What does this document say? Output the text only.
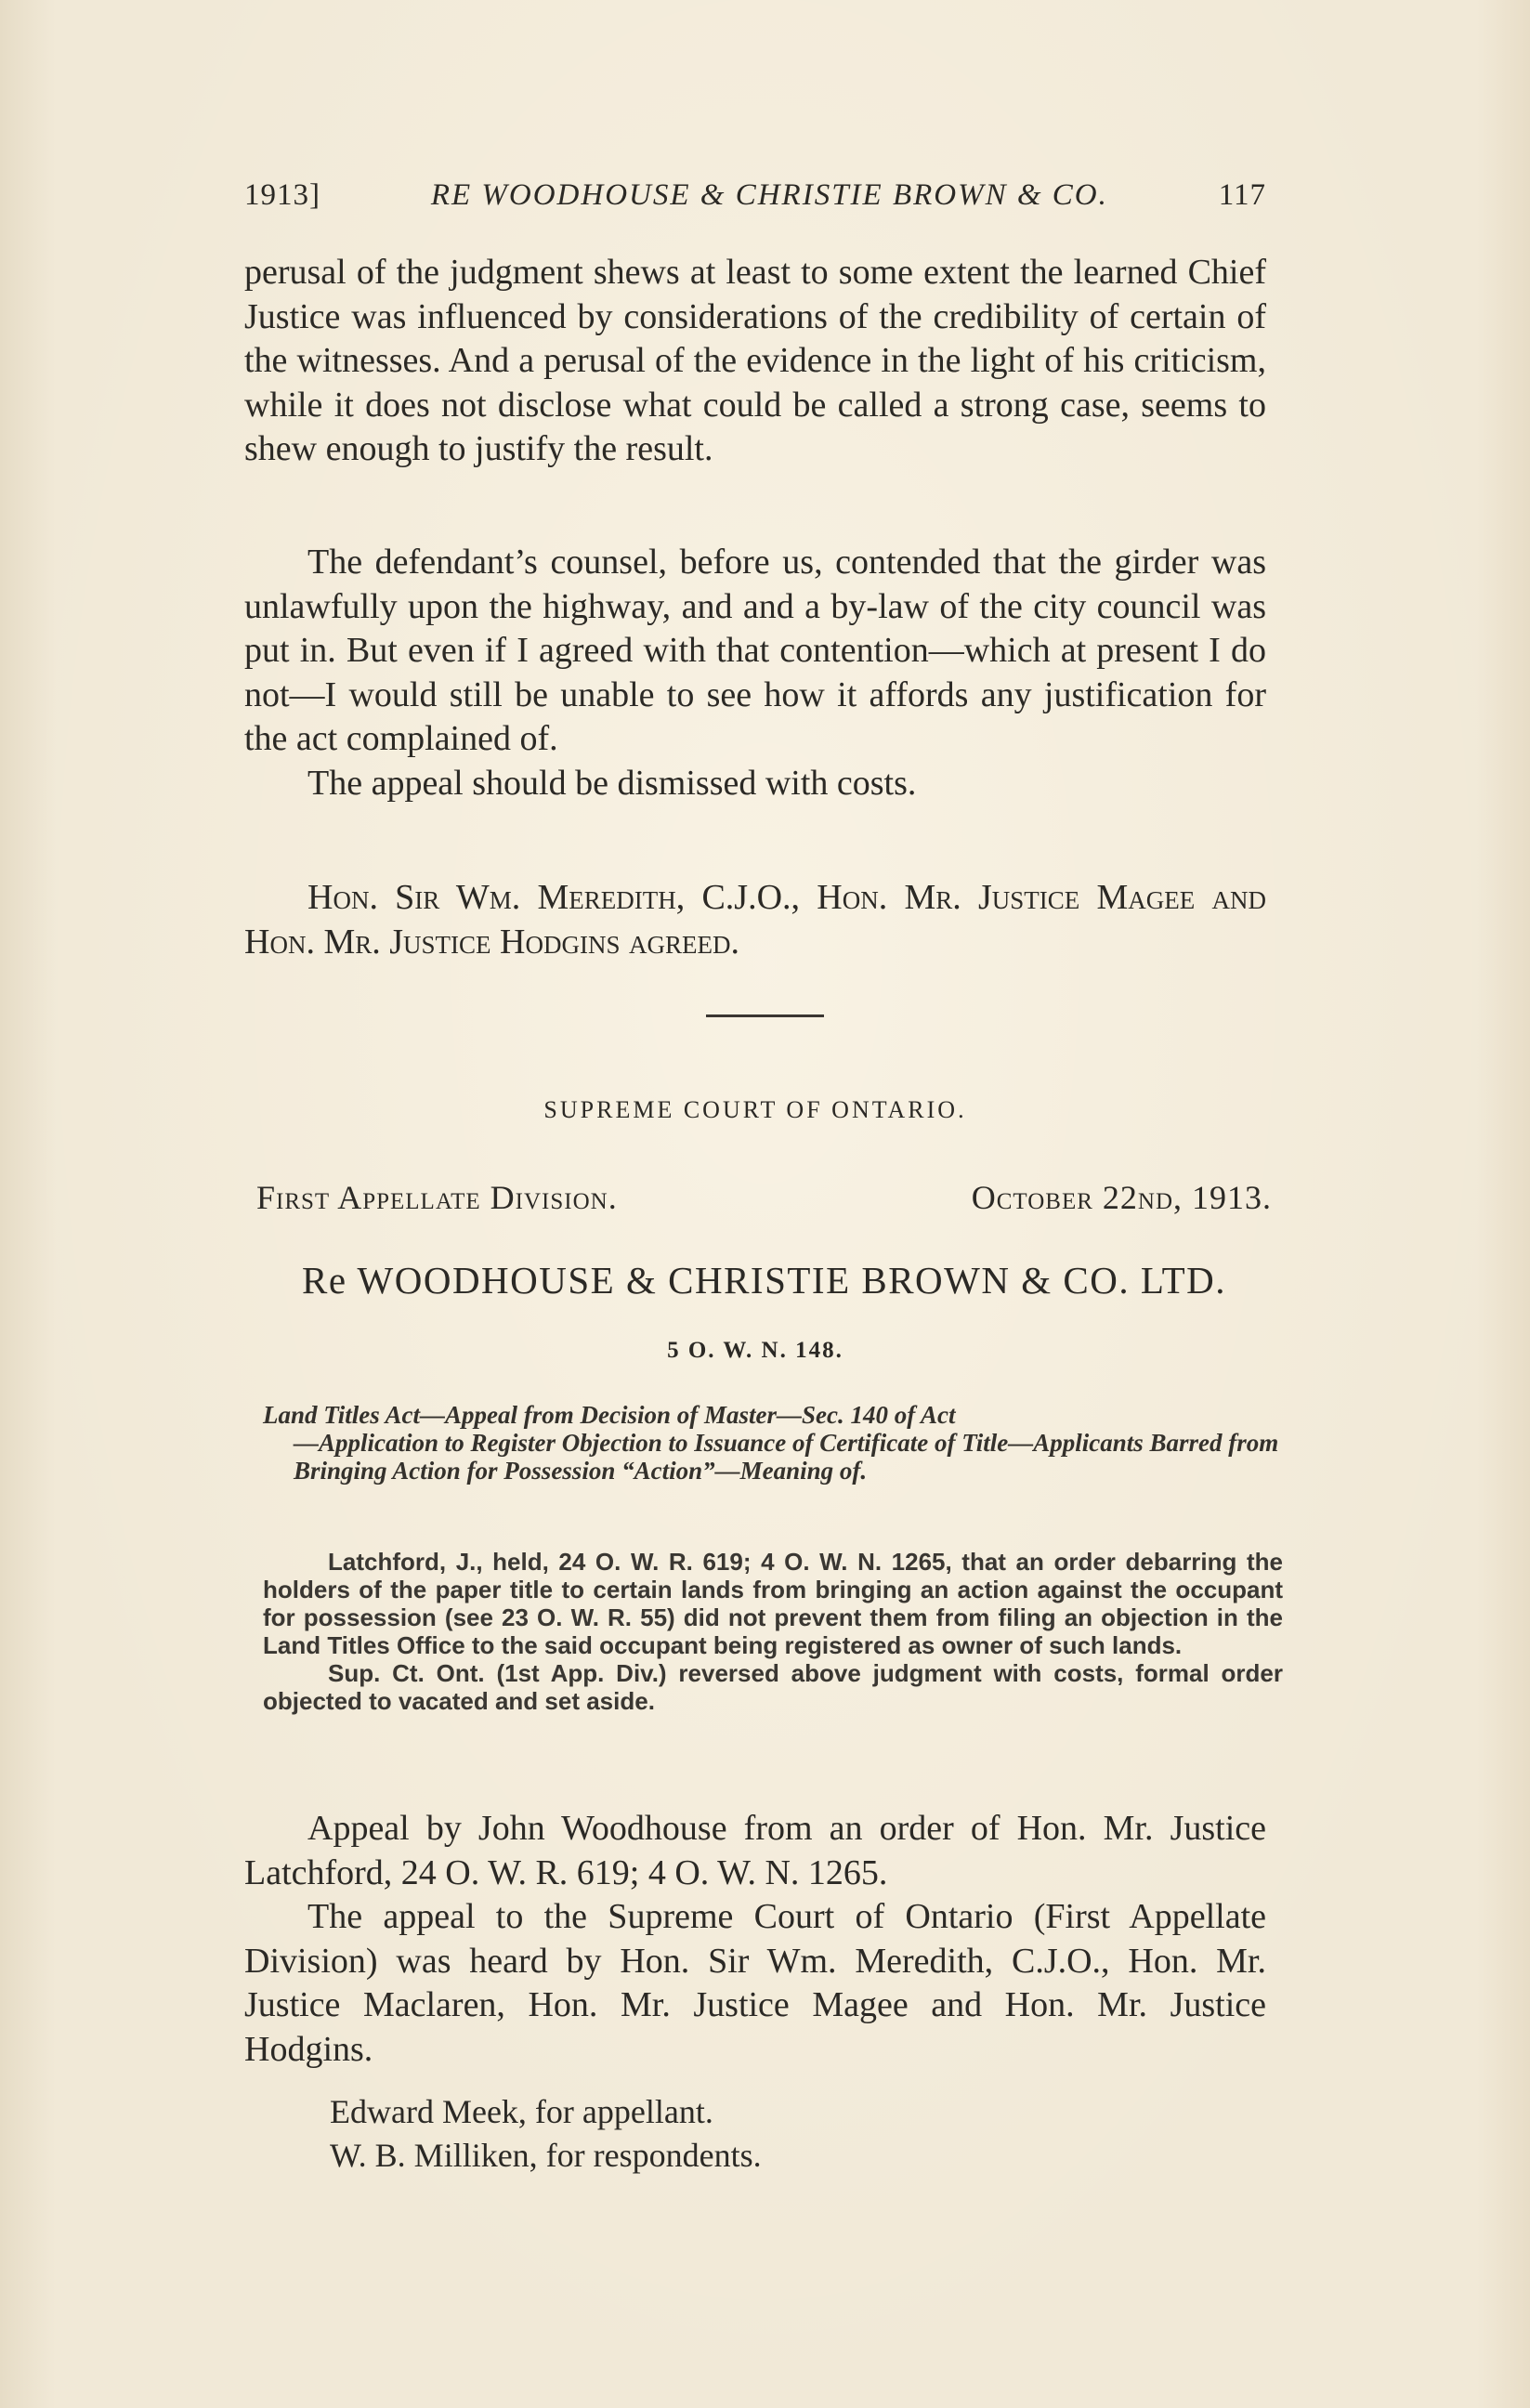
1913]	RE WOODHOUSE & CHRISTIE BROWN & CO.	117

perusal of the judgment shews at least to some extent the learned Chief Justice was influenced by considerations of the credibility of certain of the witnesses. And a perusal of the evidence in the light of his criticism, while it does not disclose what could be called a strong case, seems to shew enough to justify the result.

The defendant’s counsel, before us, contended that the girder was unlawfully upon the highway, and and a by-law of the city council was put in. But even if I agreed with that contention—which at present I do not—I would still be unable to see how it affords any justification for the act complained of.

The appeal should be dismissed with costs.

Hon. Sir Wm. Meredith, C.J.O., Hon. Mr. Justice Magee and Hon. Mr. Justice Hodgins agreed.

SUPREME COURT OF ONTARIO.
First Appellate Division.	October 22nd, 1913.
Re WOODHOUSE & CHRISTIE BROWN & CO. LTD.
5 O. W. N. 148.
Land Titles Act—Appeal from Decision of Master—Sec. 140 of Act
—Application to Register Objection to Issuance of Certificate of Title—Applicants Barred from Bringing Action for Possession “Action”—Meaning of.

Latchford, J., held, 24 O. W. R. 619; 4 O. W. N. 1265, that an order debarring the holders of the paper title to certain lands from bringing an action against the occupant for possession (see 23 O. W. R. 55) did not prevent them from filing an objection in the Land Titles Office to the said occupant being registered as owner of such lands.

Sup. Ct. Ont. (1st App. Div.) reversed above judgment with costs, formal order objected to vacated and set aside.

Appeal by John Woodhouse from an order of Hon. Mr. Justice Latchford, 24 O. W. R. 619; 4 O. W. N. 1265.

The appeal to the Supreme Court of Ontario (First Appellate Division) was heard by Hon. Sir Wm. Meredith, C.J.O., Hon. Mr. Justice Maclaren, Hon. Mr. Justice Magee and Hon. Mr. Justice Hodgins.

Edward Meek, for appellant.

W. B. Milliken, for respondents.
